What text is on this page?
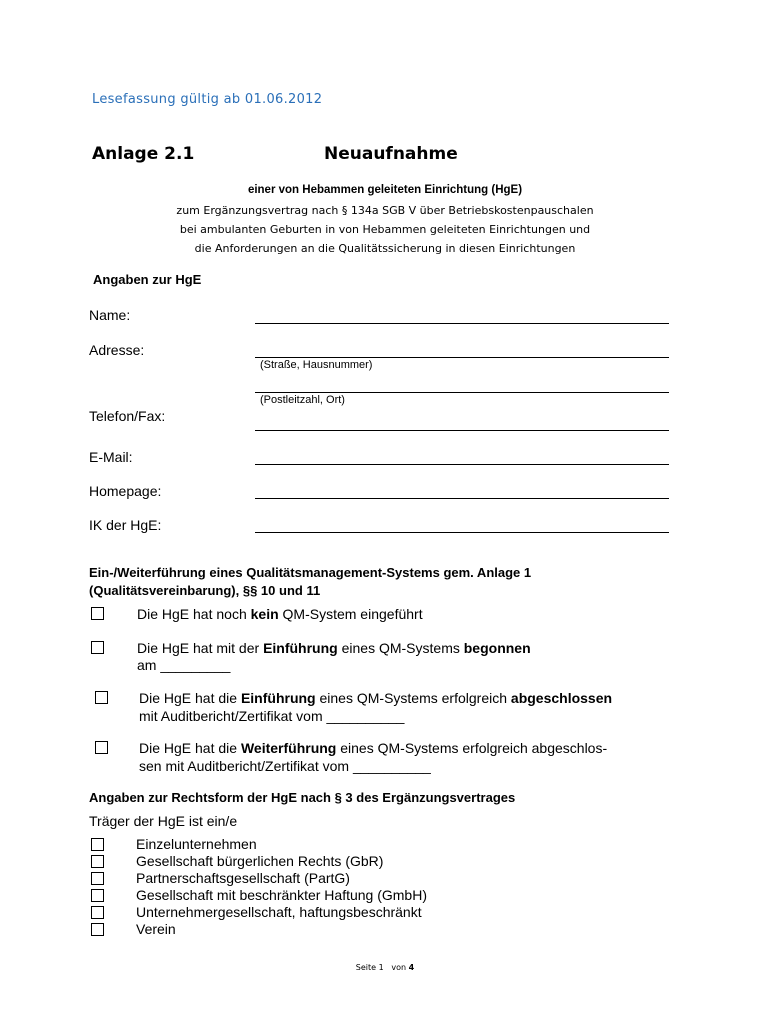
Lesefassung gültig ab 01.06.2012
Anlage 2.1	Neuaufnahme
einer von Hebammen geleiteten Einrichtung (HgE)
zum Ergänzungsvertrag nach § 134a SGB V über Betriebskostenpauschalen
bei ambulanten Geburten in von Hebammen geleiteten Einrichtungen und
die Anforderungen an die Qualitätssicherung in diesen Einrichtungen
Angaben zur HgE
Name:
Adresse:
(Straße, Hausnummer)
(Postleitzahl, Ort)
Telefon/Fax:
E-Mail:
Homepage:
IK der HgE:
Ein-/Weiterführung eines Qualitätsmanagement-Systems gem. Anlage 1
(Qualitätsvereinbarung), §§ 10 und 11
Die HgE hat noch kein QM-System eingeführt
Die HgE hat mit der Einführung eines QM-Systems begonnen
am _________
Die HgE hat die Einführung eines QM-Systems erfolgreich abgeschlossen
mit Auditbericht/Zertifikat vom __________
Die HgE hat die Weiterführung eines QM-Systems erfolgreich abgeschlos-
sen mit Auditbericht/Zertifikat vom __________
Angaben zur Rechtsform der HgE nach § 3 des Ergänzungsvertrages
Träger der HgE ist ein/e
Einzelunternehmen
Gesellschaft bürgerlichen Rechts (GbR)
Partnerschaftsgesellschaft (PartG)
Gesellschaft mit beschränkter Haftung (GmbH)
Unternehmergesellschaft, haftungsbeschränkt
Verein
Seite 1 von 4
